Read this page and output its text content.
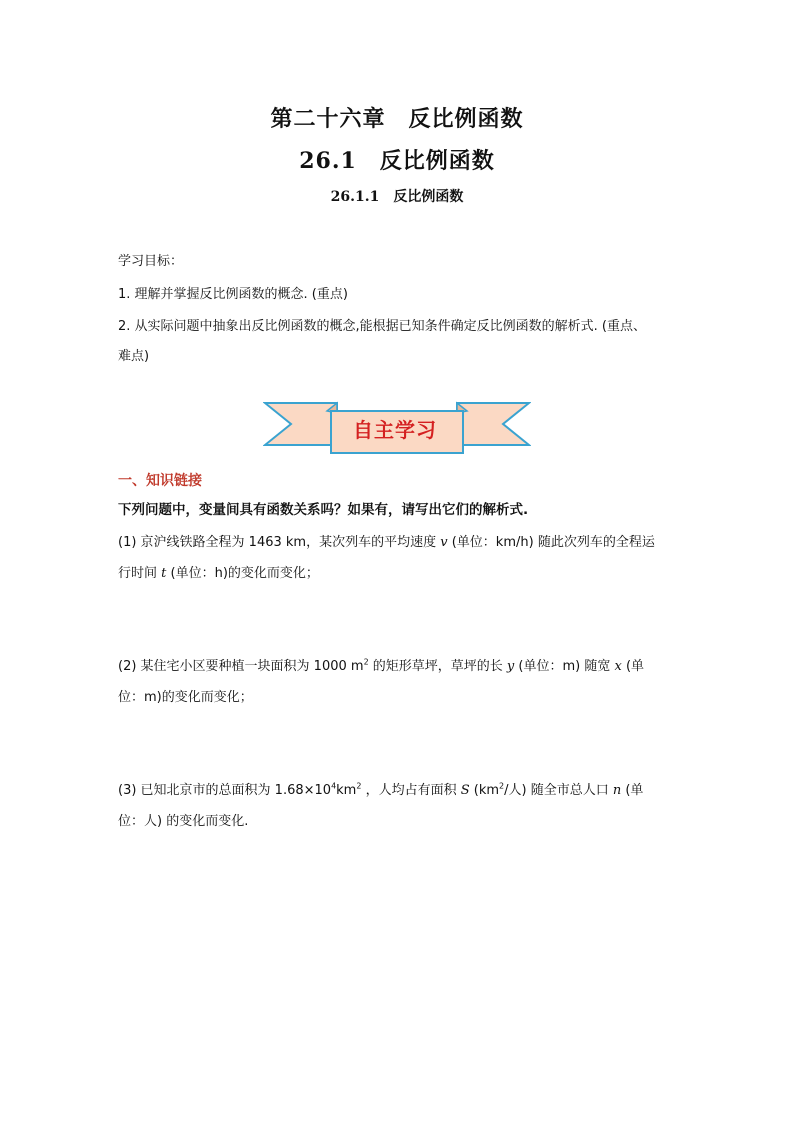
第二十六章　反比例函数
26.1　反比例函数
26.1.1　反比例函数
学习目标：
1. 理解并掌握反比例函数的概念. (重点)
2. 从实际问题中抽象出反比例函数的概念,能根据已知条件确定反比例函数的解析式. (重点、
难点)
自主学习
一、知识链接
下列问题中，变量间具有函数关系吗？如果有，请写出它们的解析式.
(1) 京沪线铁路全程为 1463 km，某次列车的平均速度 v (单位：km/h) 随此次列车的全程运
行时间 t (单位：h)的变化而变化；
(2) 某住宅小区要种植一块面积为 1000 $m^2$ 的矩形草坪，草坪的长 y (单位：m) 随宽 x (单
位：m)的变化而变化；
(3) 已知北京市的总面积为 $1.68\times 10^4km^2$ ，人均占有面积 S ($km^2/$人) 随全市总人口 n (单
位：人) 的变化而变化.
